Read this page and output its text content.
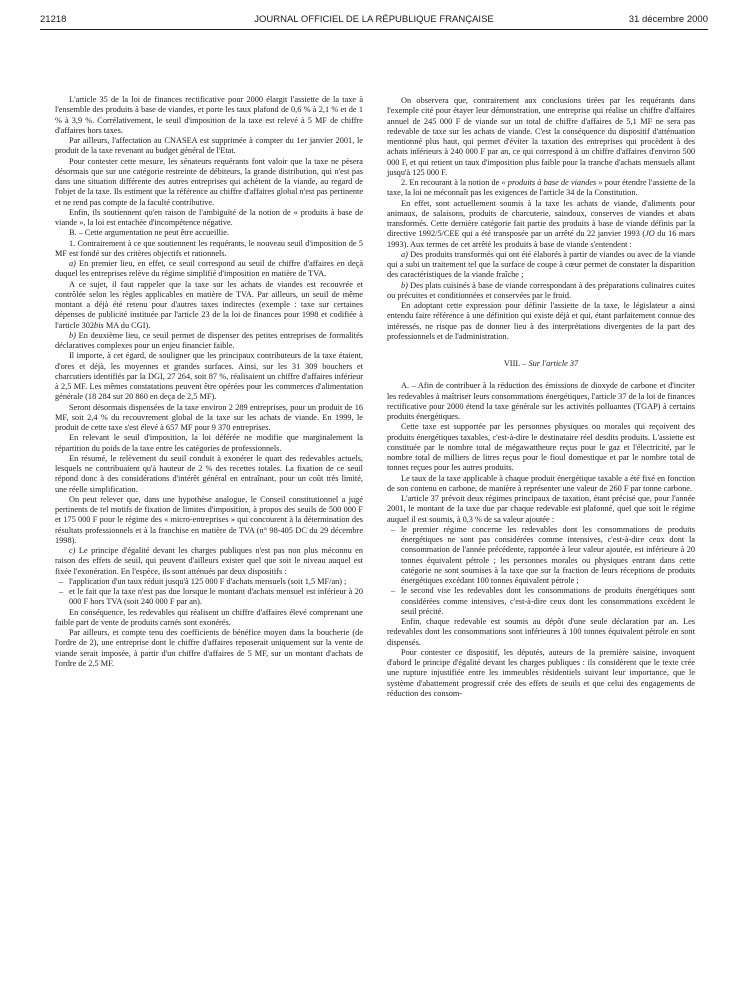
21218	JOURNAL OFFICIEL DE LA RÉPUBLIQUE FRANÇAISE	31 décembre 2000

L'article 35 de la loi de finances rectificative pour 2000 élargit l'assiette de la taxe à l'ensemble des produits à base de viandes, et porte les taux plafond de 0,6 % à 2,1 % et de 1 % à 3,9 %. Corrélativement, le seuil d'imposition de la taxe est relevé à 5 MF de chiffre d'affaires hors taxes.

Par ailleurs, l'affectation au CNASEA est supprimée à compter du 1er janvier 2001, le produit de la taxe revenant au budget général de l'Etat.

Pour contester cette mesure, les sénateurs requérants font valoir que la taxe ne pèsera désormais que sur une catégorie restreinte de débiteurs, la grande distribution, qui n'est pas dans une situation différente des autres entreprises qui achètent de la viande, au regard de l'objet de la taxe. Ils estiment que la référence au chiffre d'affaires global n'est pas pertinente et ne rend pas compte de la faculté contributive.

Enfin, ils soutiennent qu'en raison de l'ambiguïté de la notion de « produits à base de viande », la loi est entachée d'incompétence négative.

B. – Cette argumentation ne peut être accueillie.

1. Contrairement à ce que soutiennent les requérants, le nouveau seuil d'imposition de 5 MF est fondé sur des critères objectifs et rationnels.

a) En premier lieu, en effet, ce seuil correspond au seuil de chiffre d'affaires en deçà duquel les entreprises relève du régime simplifié d'imposition en matière de TVA.

A ce sujet, il faut rappeler que la taxe sur les achats de viandes est recouvrée et contrôlée selon les règles applicables en matière de TVA. Par ailleurs, un seuil de même montant a déjà été retenu pour d'autres taxes indirectes (exemple : taxe sur certaines dépenses de publicité instituée par l'article 23 de la loi de finances pour 1998 et codifiée à l'article 302bis MA du CGI).

b) En deuxième lieu, ce seuil permet de dispenser des petites entreprises de formalités déclaratives complexes pour un enjeu financier faible.

Il importe, à cet égard, de souligner que les principaux contributeurs de la taxe étaient, d'ores et déjà, les moyennes et grandes surfaces. Ainsi, sur les 31 309 bouchers et charcutiers identifiés par la DGI, 27 264, soit 87 %, réalisaient un chiffre d'affaires inférieur à 2,5 MF. Les mêmes constatations peuvent être opérées pour les commerces d'alimentation générale (18 284 sur 20 860 en deça de 2,5 MF).

Seront désormais dispensées de la taxe environ 2 289 entreprises, pour un produit de 16 MF, soit 2,4 % du recouvrement global de la taxe sur les achats de viande. En 1999, le produit de cette taxe s'est élevé à 657 MF pour 9 370 entreprises.

En relevant le seuil d'imposition, la loi déférée ne modifie que marginalement la répartition du poids de la taxe entre les catégories de professionnels.

En résumé, le relèvement du seuil conduit à exonérer le quart des redevables actuels, lesquels ne contribuaient qu'à hauteur de 2 % des recettes totales. La fixation de ce seuil répond donc à des considérations d'intérêt général en entraînant, pour un coût très limité, une réelle simplification.

On peut relever que, dans une hypothèse analogue, le Conseil constitutionnel a jugé pertinents de tel motifs de fixation de limites d'imposition, à propos des seuils de 500 000 F et 175 000 F pour le régime des « micro-entreprises » qui concourent à la détermination des résultats professionnels et à la franchise en matière de TVA (n° 98-405 DC du 29 décembre 1998).

c) Le principe d'égalité devant les charges publiques n'est pas non plus méconnu en raison des effets de seuil, qui peuvent d'ailleurs exister quel que soit le niveau auquel est fixée l'exonération. En l'espèce, ils sont atténués par deux dispositifs :

– l'application d'un taux réduit jusqu'à 125 000 F d'achats mensuels (soit 1,5 MF/an) ;
– et le fait que la taxe n'est pas due lorsque le montant d'achats mensuel est inférieur à 20 000 F hors TVA (soit 240 000 F par an).

En conséquence, les redevables qui réalisent un chiffre d'affaires élevé comprenant une faible part de vente de produits carnés sont exonérés.

Par ailleurs, et compte tenu des coefficients de bénéfice moyen dans la boucherie (de l'ordre de 2), une entreprise dont le chiffre d'affaires reposerait uniquement sur la vente de viande serait imposée, à partir d'un chiffre d'affaires de 5 MF, sur un montant d'achats de l'ordre de 2,5 MF.

On observera que, contrairement aux conclusions tirées par les requérants dans l'exemple cité pour étayer leur démonstration, une entreprise qui réalise un chiffre d'affaires annuel de 245 000 F de viande sur un total de chiffre d'affaires de 5,1 MF ne sera pas redevable de taxe sur les achats de viande. C'est la conséquence du dispositif d'atténuation mentionné plus haut, qui permet d'éviter la taxation des entreprises qui procèdent à des achats inférieurs à 240 000 F par an, ce qui correspond à un chiffre d'affaires d'environ 500 000 F, et qui retient un taux d'imposition plus faible pour la tranche d'achats mensuels allant jusqu'à 125 000 F.

2. En recourant à la notion de « produits à base de viandes » pour étendre l'assiette de la taxe, la loi ne méconnaît pas les exigences de l'article 34 de la Constitution.

En effet, sont actuellement soumis à la taxe les achats de viande, d'aliments pour animaux, de salaisons, produits de charcuterie, saindoux, conserves de viandes et abats transformés. Cette dernière catégorie fait partie des produits à base de viande définis par la directive 1992/5/CEE qui a été transposée par un arrêté du 22 janvier 1993 (JO du 16 mars 1993). Aux termes de cet arrêté les produits à base de viande s'entendent :

a) Des produits transformés qui ont été élaborés à partir de viandes ou avec de la viande qui a subi un traitement tel que la surface de coupe à cœur permet de constater la disparition des caractéristiques de la viande fraîche ;

b) Des plats cuisinés à base de viande correspondant à des préparations culinaires cuites ou précuites et conditionnées et conservées par le froid.

En adoptant cette expression pour définir l'assiette de la taxe, le législateur a ainsi entendu faire référence à une définition qui existe déjà et qui, étant parfaitement connue des intéressés, ne risque pas de donner lieu à des interprétations divergentes de la part des professionnels et de l'administration.

VIII. – Sur l'article 37

A. – Afin de contribuer à la réduction des émissions de dioxyde de carbone et d'inciter les redevables à maîtriser leurs consommations énergétiques, l'article 37 de la loi de finances rectificative pour 2000 étend la taxe générale sur les activités polluantes (TGAP) à certains produits énergétiques.

Cette taxe est supportée par les personnes physiques ou morales qui reçoivent des produits énergétiques taxables, c'est-à-dire le destinataire réel desdits produits. L'assiette est constituée par le nombre total de mégawattheure reçus pour le gaz et l'électricité, par le nombre total de milliers de litres reçus pour le fioul domestique et par le nombre total de tonnes reçues pour les autres produits.

Le taux de la taxe applicable à chaque produit énergétique taxable a été fixé en fonction de son contenu en carbone, de manière à représenter une valeur de 260 F par tonne carbone.

L'article 37 prévoit deux régimes principaux de taxation, étant précisé que, pour l'année 2001, le montant de la taxe due par chaque redevable est plafonné, quel que soit le régime auquel il est soumis, à 0,3 % de sa valeur ajoutée :

– le premier régime concerne les redevables dont les consommations de produits énergétiques ne sont pas considérées comme intensives, c'est-à-dire ceux dont la consommation de l'année précédente, rapportée à leur valeur ajoutée, est inférieure à 20 tonnes équivalent pétrole ; les personnes morales ou physiques entrant dans cette catégorie ne sont soumises à la taxe que sur la fraction de leurs réceptions de produits énergétiques excédant 100 tonnes équivalent pétrole ;
– le second vise les redevables dont les consommations de produits énergétiques sont considérées comme intensives, c'est-à-dire ceux dont les consommations excèdent le seuil précité.

Enfin, chaque redevable est soumis au dépôt d'une seule déclaration par an. Les redevables dont les consommations sont inférieures à 100 tonnes équivalent pétrole en sont dispensés.

Pour contester ce dispositif, les députés, auteurs de la première saisine, invoquent d'abord le principe d'égalité devant les charges publiques : ils considèrent que le texte crée une rupture injustifiée entre les immeubles résidentiels suivant leur importance, que le système d'abattement progressif crée des effets de seuils et que celui des engagements de réduction des consom-
